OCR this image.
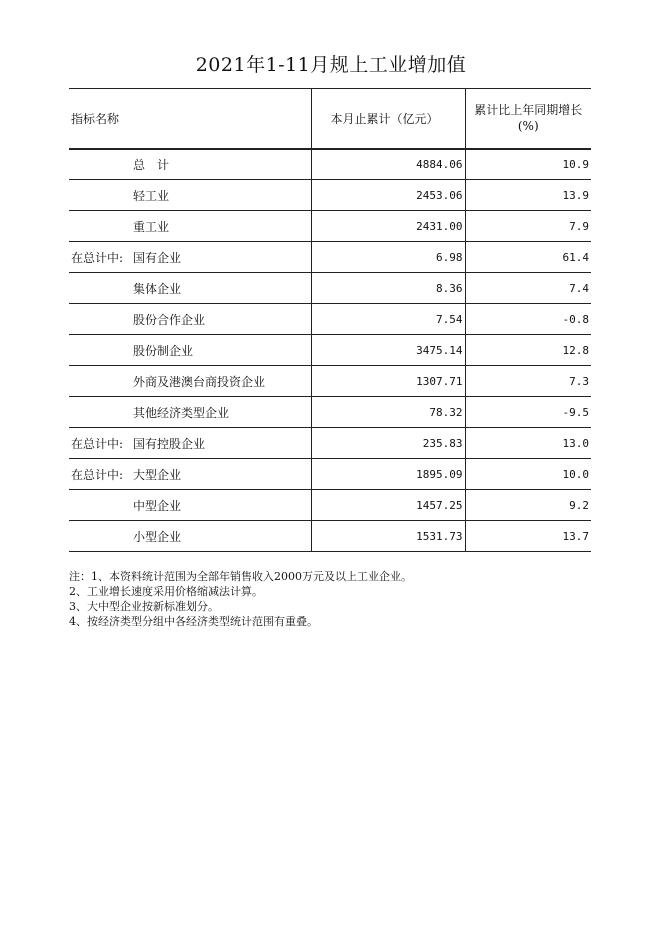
2021年1-11月规上工业增加值
指标名称	本月止累计（亿元）	累计比上年同期增长
(%)

总　计	4884.06	10.9
轻工业	2453.06	13.9
重工业	2431.00	7.9
在总计中: 国有企业	6.98	61.4
集体企业	8.36	7.4
股份合作企业	7.54	-0.8
股份制企业	3475.14	12.8
外商及港澳台商投资企业	1307.71	7.3
其他经济类型企业	78.32	-9.5
在总计中: 国有控股企业	235.83	13.0
在总计中: 大型企业	1895.09	10.0
中型企业	1457.25	9.2
小型企业	1531.73	13.7
注：1、本资料统计范围为全部年销售收入2000万元及以上工业企业。
2、工业增长速度采用价格缩减法计算。
3、大中型企业按新标准划分。
4、按经济类型分组中各经济类型统计范围有重叠。
